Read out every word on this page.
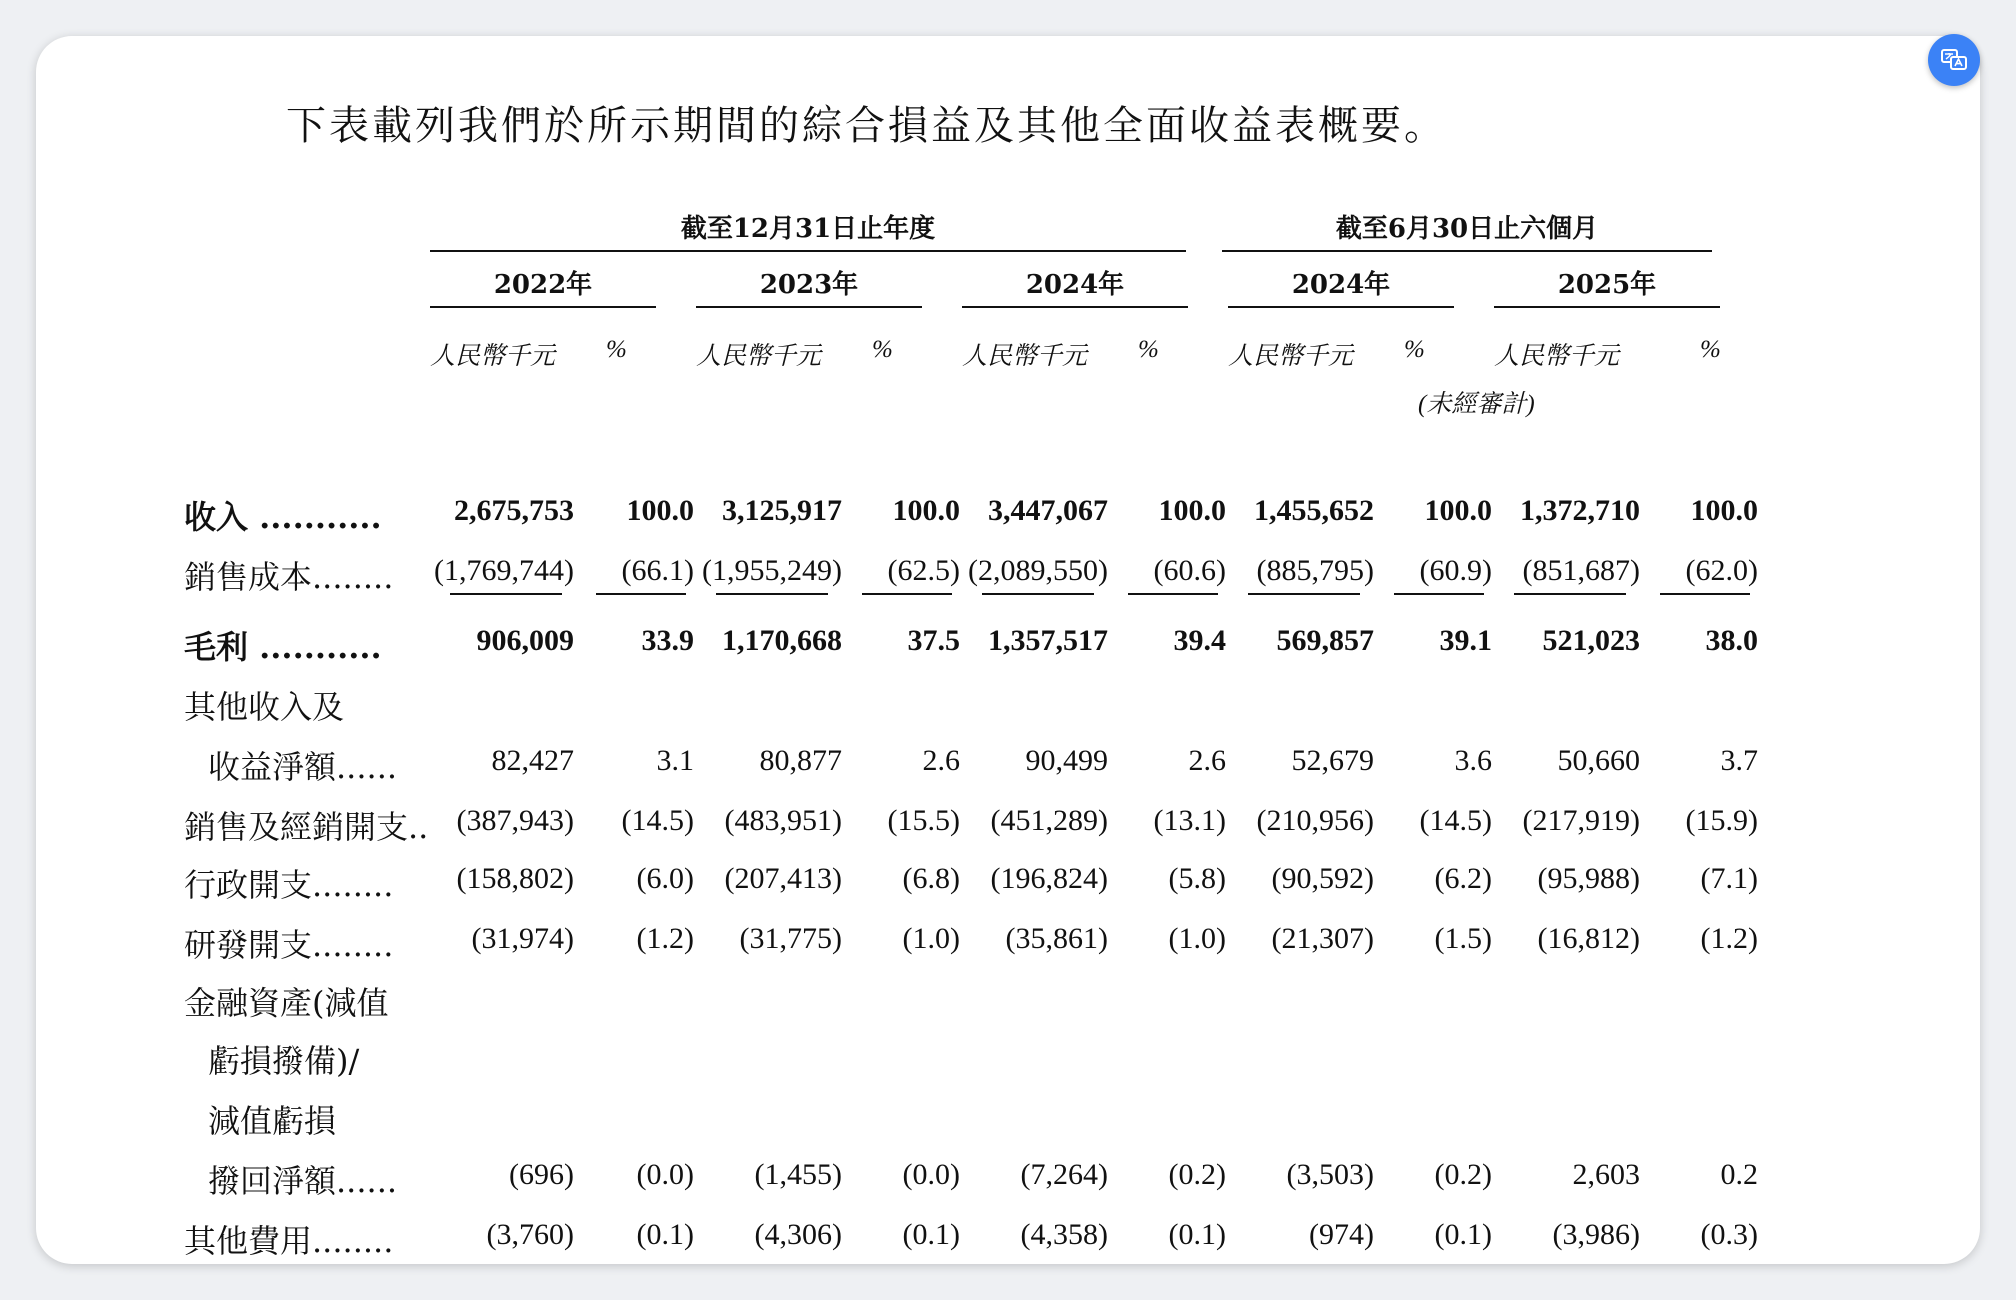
下表載列我們於所示期間的綜合損益及其他全面收益表概要。
截至12月31日止年度	截至6月30日止六個月
2022年	2023年	2024年	2024年	2025年
人民幣千元 %	人民幣千元 %	人民幣千元 %	人民幣千元 %	人民幣千元	%
(未經審計)
收入 ........... 2,675,753 100.0 3,125,917 100.0 3,447,067 100.0 1,455,652 100.0 1,372,710 100.0
銷售成本........ (1,769,744) (66.1) (1,955,249) (62.5) (2,089,550) (60.6) (885,795) (60.9) (851,687) (62.0)
毛利 ...........	906,009 33.9 1,170,668 37.5 1,357,517 39.4 569,857 39.1 521,023 38.0
其他收入及
收益淨額......	82,427	3.1 80,877	2.6 90,499	2.6 52,679	3.6 50,660	3.7
銷售及經銷開支.. (387,943) (14.5) (483,951) (15.5) (451,289) (13.1) (210,956) (14.5) (217,919) (15.9)
行政開支........ (158,802) (6.0) (207,413) (6.8) (196,824) (5.8) (90,592) (6.2) (95,988) (7.1)
研發開支........	(31,974) (1.2) (31,775) (1.0) (35,861) (1.0) (21,307) (1.5) (16,812) (1.2)
金融資產(減值
虧損撥備)/
減值虧損
撥回淨額......	(696) (0.0) (1,455) (0.0) (7,264) (0.2) (3,503) (0.2)	2,603	0.2
其他費用........	(3,760) (0.1) (4,306) (0.1) (4,358) (0.1)	(974) (0.1) (3,986) (0.3)
